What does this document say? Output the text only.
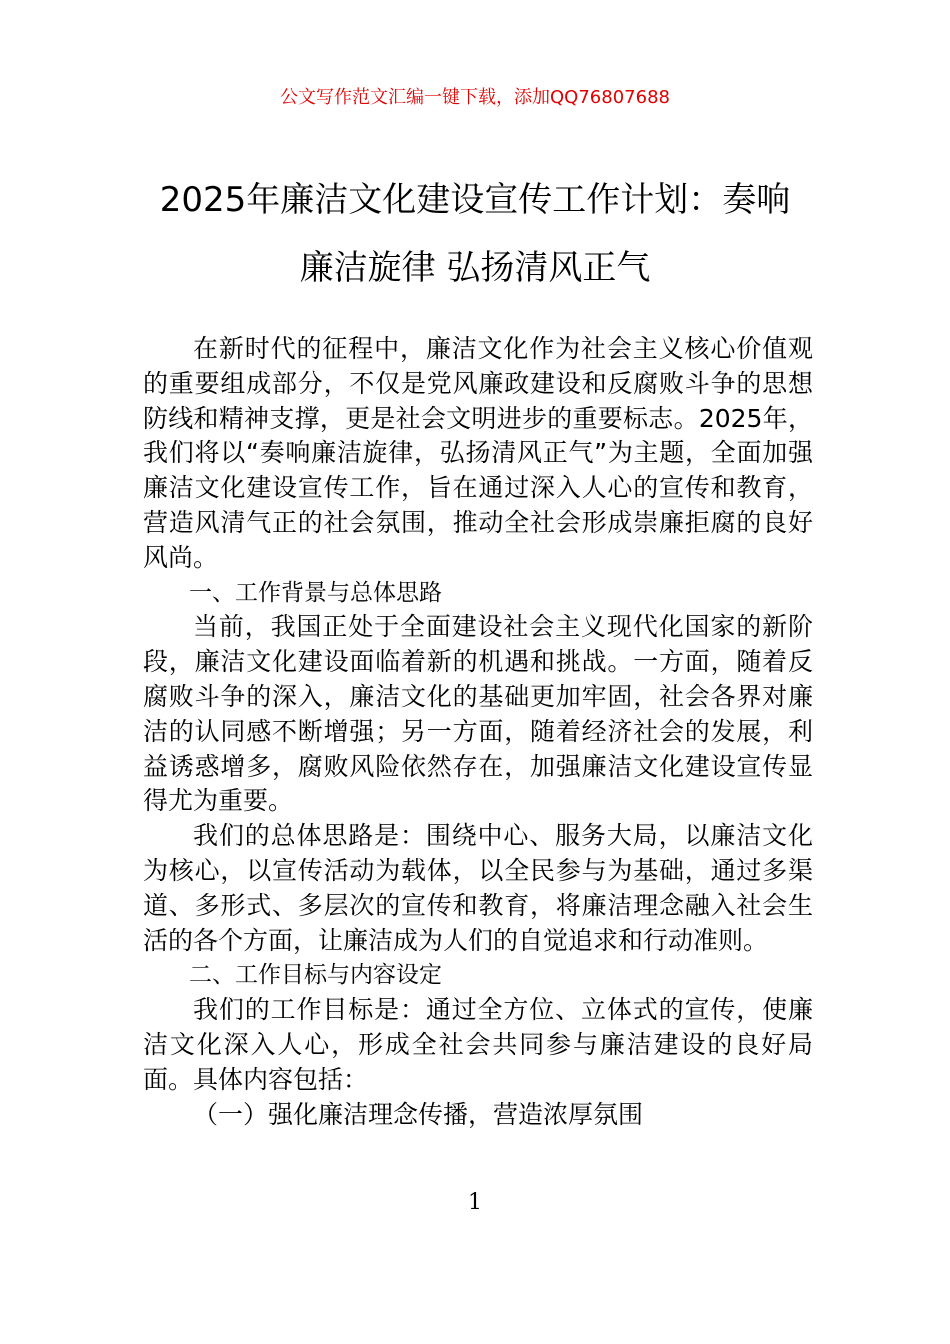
公文写作范文汇编一键下载，添加QQ76807688
2025年廉洁文化建设宣传工作计划：奏响
廉洁旋律 弘扬清风正气

在新时代的征程中，廉洁文化作为社会主义核心价值观的重要组成部分，不仅是党风廉政建设和反腐败斗争的思想防线和精神支撑，更是社会文明进步的重要标志。2025年，我们将以“奏响廉洁旋律，弘扬清风正气”为主题，全面加强廉洁文化建设宣传工作，旨在通过深入人心的宣传和教育，营造风清气正的社会氛围，推动全社会形成崇廉拒腐的良好风尚。

一、工作背景与总体思路

当前，我国正处于全面建设社会主义现代化国家的新阶段，廉洁文化建设面临着新的机遇和挑战。一方面，随着反腐败斗争的深入，廉洁文化的基础更加牢固，社会各界对廉洁的认同感不断增强；另一方面，随着经济社会的发展，利益诱惑增多，腐败风险依然存在，加强廉洁文化建设宣传显得尤为重要。

我们的总体思路是：围绕中心、服务大局，以廉洁文化为核心，以宣传活动为载体，以全民参与为基础，通过多渠道、多形式、多层次的宣传和教育，将廉洁理念融入社会生活的各个方面，让廉洁成为人们的自觉追求和行动准则。

二、工作目标与内容设定

我们的工作目标是：通过全方位、立体式的宣传，使廉洁文化深入人心，形成全社会共同参与廉洁建设的良好局面。具体内容包括：

（一）强化廉洁理念传播，营造浓厚氛围

1
